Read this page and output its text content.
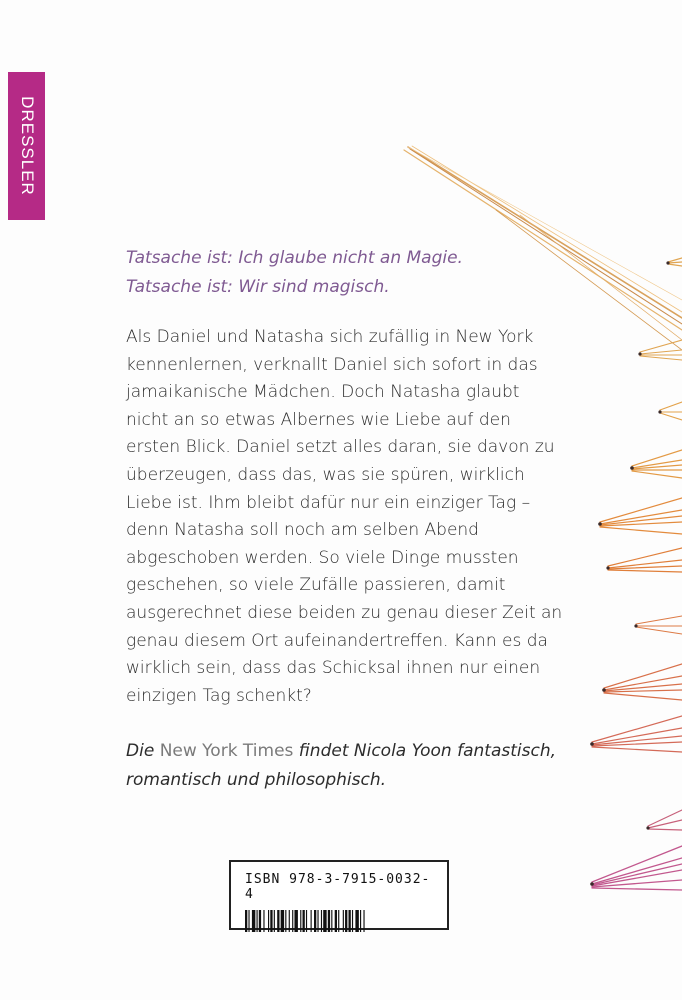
DRESSLER

Tatsache ist: Ich glaube nicht an Magie.

Tatsache ist: Wir sind magisch.

Als Daniel und Natasha sich zufällig in New York kennenlernen, verknallt Daniel sich sofort in das jamaikanische Mädchen. Doch Natasha glaubt nicht an so etwas Albernes wie Liebe auf den ersten Blick. Daniel setzt alles daran, sie davon zu überzeugen, dass das, was sie spüren, wirklich Liebe ist. Ihm bleibt dafür nur ein einziger Tag – denn Natasha soll noch am selben Abend abgeschoben werden. So viele Dinge mussten geschehen, so viele Zufälle passieren, damit ausgerechnet diese beiden zu genau dieser Zeit an genau diesem Ort aufeinandertreffen. Kann es da wirklich sein, dass das Schicksal ihnen nur einen einzigen Tag schenkt?
Die New York Times findet Nicola Yoon fantastisch, romantisch und philosophisch.
ISBN 978-3-7915-0032-4
